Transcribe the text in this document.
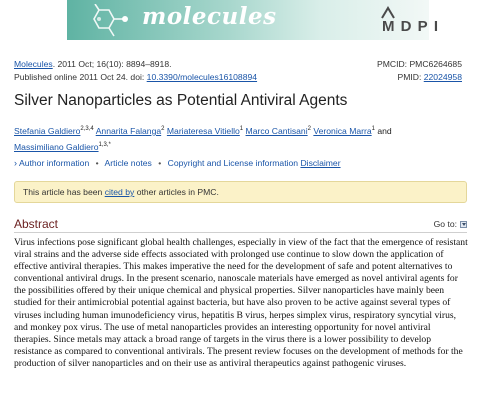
molecules	MDPI
Molecules. 2011 Oct; 16(10): 8894–8918.
Published online 2011 Oct 24. doi: 10.3390/molecules16108894
PMCID: PMC6264685
PMID: 22024958
Silver Nanoparticles as Potential Antiviral Agents
Stefania Galdiero$^{2,3,4}$ Annarita Falanga$^2$ Mariateresa Vitiello$^1$ Marco Cantisani$^2$ Veronica Marra$^1$ and
Massimiliano Galdiero$^{1,3,*}$
› Author information • Article notes • Copyright and License information Disclaimer
This article has been cited by other articles in PMC.
Abstract	Go to:

Virus infections pose significant global health challenges, especially in view of the fact that the emergence of resistant viral strains and the adverse side effects associated with prolonged use continue to slow down the application of effective antiviral therapies. This makes imperative the need for the development of safe and potent alternatives to conventional antiviral drugs. In the present scenario, nanoscale materials have emerged as novel antiviral agents for the possibilities offered by their unique chemical and physical properties. Silver nanoparticles have mainly been studied for their antimicrobial potential against bacteria, but have also proven to be active against several types of viruses including human imunodeficiency virus, hepatitis B virus, herpes simplex virus, respiratory syncytial virus, and monkey pox virus. The use of metal nanoparticles provides an interesting opportunity for novel antiviral therapies. Since metals may attack a broad range of targets in the virus there is a lower possibility to develop resistance as compared to conventional antivirals. The present review focuses on the development of methods for the production of silver nanoparticles and on their use as antiviral therapeutics against pathogenic viruses.
